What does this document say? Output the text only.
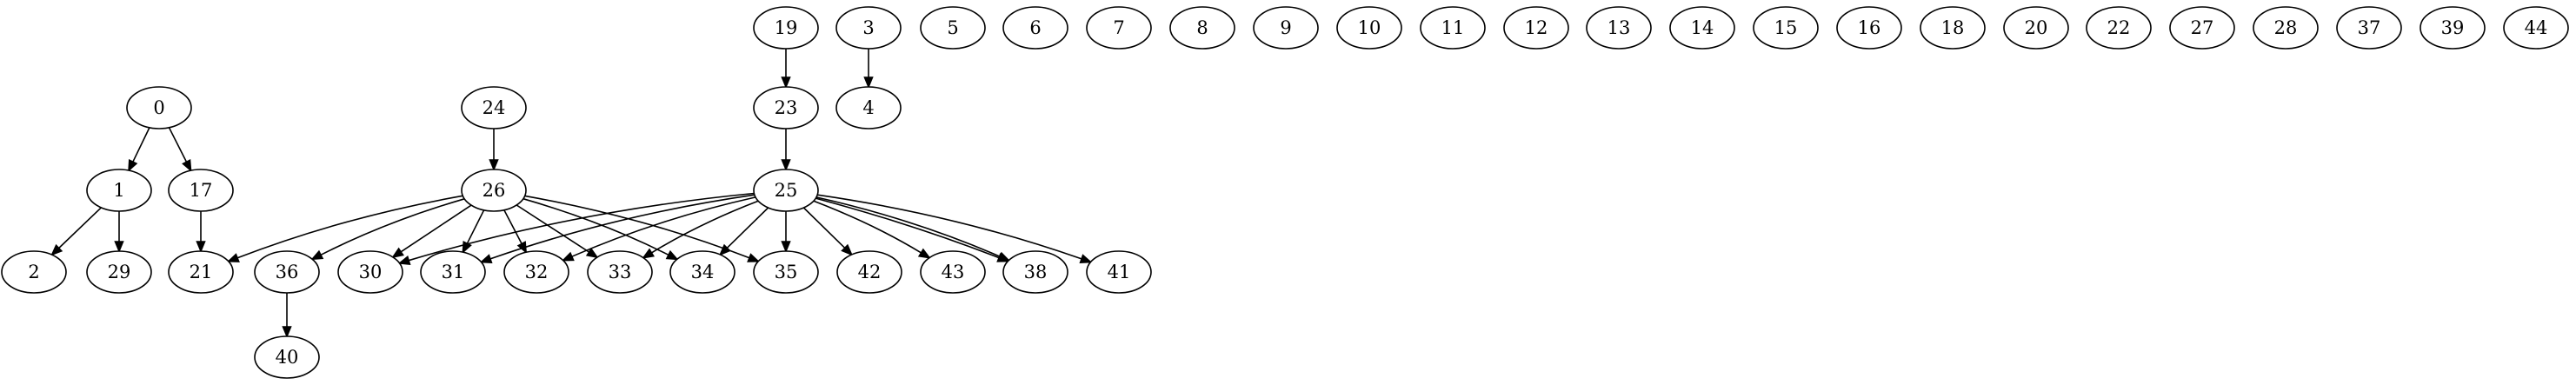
0
1
2
3
4
5	6	7	8	9	10	11	12	13	14	15	16
17
18
19	20
21
22
23
24
25
26
27	28
29	30	31	32	33	34	35
36
37
38
39
40
41
42	43
44
